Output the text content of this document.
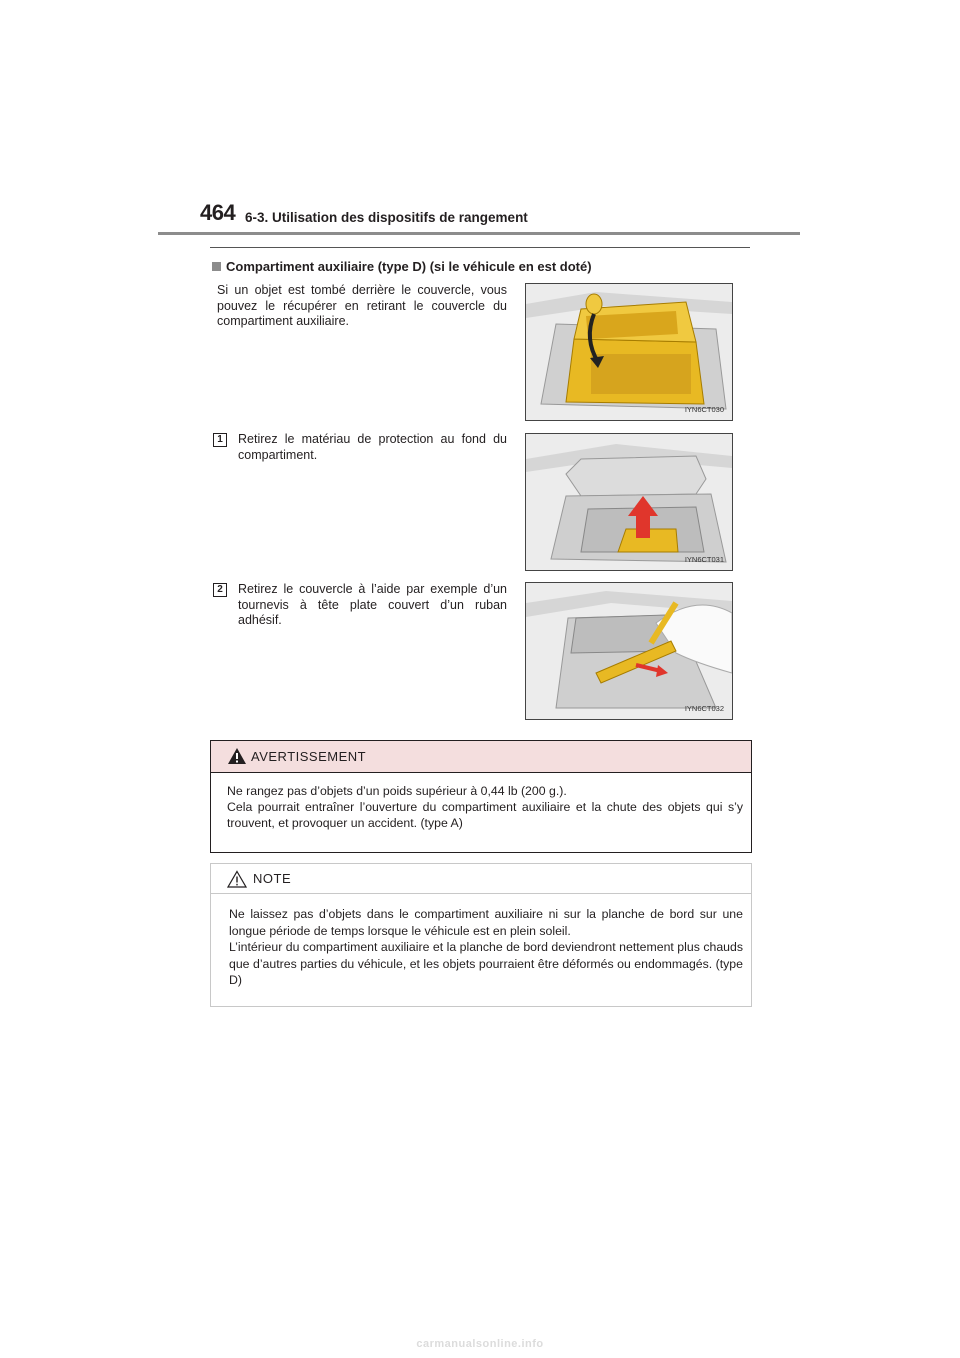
464 6-3. Utilisation des dispositifs de rangement
Compartiment auxiliaire (type D) (si le véhicule en est doté)
Si un objet est tombé derrière le couvercle, vous pouvez le récupérer en retirant le couvercle du compartiment auxiliaire.
IYN6CT030
1	Retirez le matériau de protection au fond du compartiment.
IYN6CT031
2	Retirez le couvercle à l’aide par exemple d’un tournevis à tête plate couvert d’un ruban adhésif.
IYN6CT032
AVERTISSEMENT
Ne rangez pas d’objets d’un poids supérieur à 0,44 lb (200 g.).
Cela pourrait entraîner l’ouverture du compartiment auxiliaire et la chute des objets qui s’y trouvent, et provoquer un accident. (type A)
NOTE
Ne laissez pas d’objets dans le compartiment auxiliaire ni sur la planche de bord sur une longue période de temps lorsque le véhicule est en plein soleil.
L’intérieur du compartiment auxiliaire et la planche de bord deviendront nettement plus chauds que d’autres parties du véhicule, et les objets pourraient être déformés ou endommagés. (type D)
carmanualsonline.info
